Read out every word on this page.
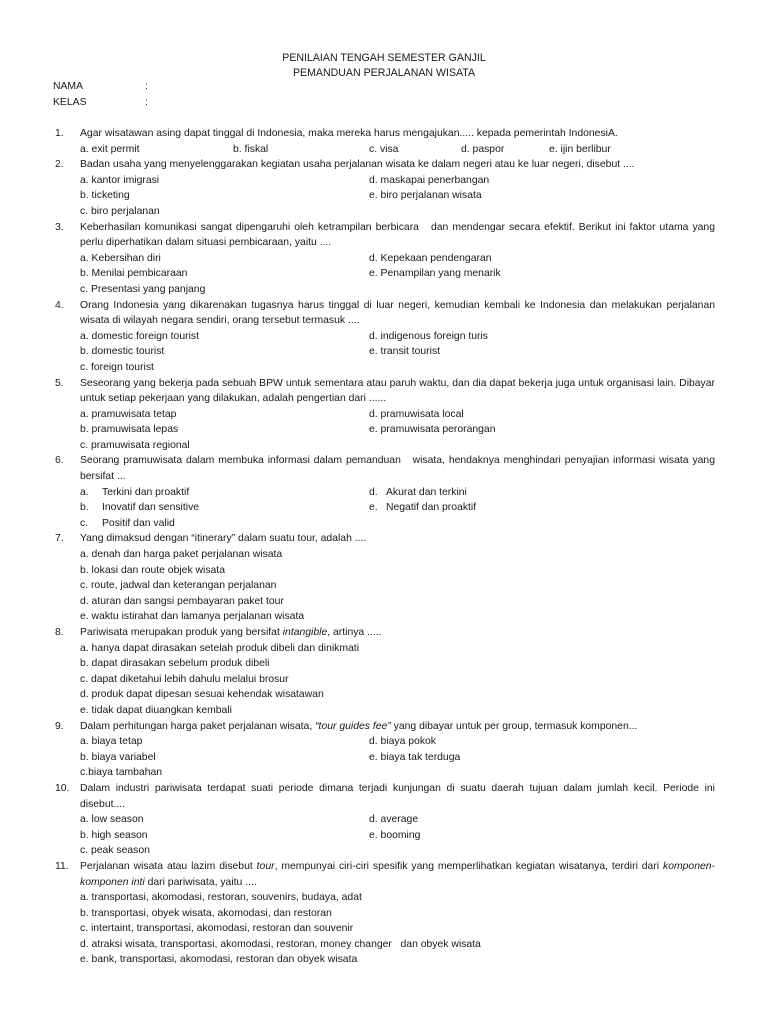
PENILAIAN TENGAH SEMESTER GANJIL
PEMANDUAN PERJALANAN WISATA
NAMA	:
KELAS	:
1.	Agar wisatawan asing dapat tinggal di Indonesia, maka mereka harus mengajukan..... kepada pemerintah IndonesiA.
a. exit permit	b. fiskal	c. visa	d. paspor	e. ijin berlibur
2.	Badan usaha yang menyelenggarakan kegiatan usaha perjalanan wisata ke dalam negeri atau ke luar negeri, disebut ....
a. kantor imigrasi	d. maskapai penerbangan
b. ticketing	e. biro perjalanan wisata
c. biro perjalanan
3.	Keberhasilan komunikasi sangat dipengaruhi oleh ketrampilan berbicara   dan mendengar secara efektif. Berikut ini faktor utama yang perlu diperhatikan dalam situasi pembicaraan, yaitu ....
a. Kebersihan diri	d. Kepekaan pendengaran
b. Menilai pembicaraan	e. Penampilan yang menarik
c. Presentasi yang panjang
4.	Orang Indonesia yang dikarenakan tugasnya harus tinggal di luar negeri, kemudian kembali ke Indonesia dan melakukan perjalanan wisata di wilayah negara sendiri, orang tersebut termasuk ....
a. domestic foreign tourist	d. indigenous foreign turis
b. domestic tourist	e. transit tourist
c. foreign tourist
5.	Seseorang yang bekerja pada sebuah BPW untuk sementara atau paruh waktu, dan dia dapat bekerja juga untuk organisasi lain. Dibayar untuk setiap pekerjaan yang dilakukan, adalah pengertian dari ......
a. pramuwisata tetap	d. pramuwisata local
b. pramuwisata lepas	e. pramuwisata perorangan
c. pramuwisata regional
6.	Seorang pramuwisata dalam membuka informasi dalam pemanduan   wisata, hendaknya menghindari penyajian informasi wisata yang bersifat ...
a. Terkini dan proaktif	d. Akurat dan terkini
b. Inovatif dan sensitive	e. Negatif dan proaktif
c. Positif dan valid
7.	Yang dimaksud dengan “itinerary” dalam suatu tour, adalah ....
a. denah dan harga paket perjalanan wisata
b. lokasi dan route objek wisata
c. route, jadwal dan keterangan perjalanan
d. aturan dan sangsi pembayaran paket tour
e. waktu istirahat dan lamanya perjalanan wisata
8.	Pariwisata merupakan produk yang bersifat intangible, artinya .....
a. hanya dapat dirasakan setelah produk dibeli dan dinikmati
b. dapat dirasakan sebelum produk dibeli
c. dapat diketahui lebih dahulu melalui brosur
d. produk dapat dipesan sesuai kehendak wisatawan
e. tidak dapat diuangkan kembali
9.	Dalam perhitungan harga paket perjalanan wisata, “tour guides fee” yang dibayar untuk per group, termasuk komponen...
a. biaya tetap	d. biaya pokok
b. biaya variabel	e. biaya tak terduga
c.biaya tambahan
10.	Dalam industri pariwisata terdapat suati periode dimana terjadi kunjungan di suatu daerah tujuan dalam jumlah kecil. Periode ini disebut....
a. low season	d. average
b. high season	e. booming
c. peak season
11.	Perjalanan wisata atau lazim disebut tour, mempunyai ciri-ciri spesifik yang memperlihatkan kegiatan wisatanya, terdiri dari komponen-komponen inti dari pariwisata, yaitu ....
a. transportasi, akomodasi, restoran, souvenirs, budaya, adat
b. transportasi, obyek wisata, akomodasi, dan restoran
c. intertaint, transportasi, akomodasi, restoran dan souvenir
d. atraksi wisata, transportasi, akomodasi, restoran, money changer   dan obyek wisata
e. bank, transportasi, akomodasi, restoran dan obyek wisata
